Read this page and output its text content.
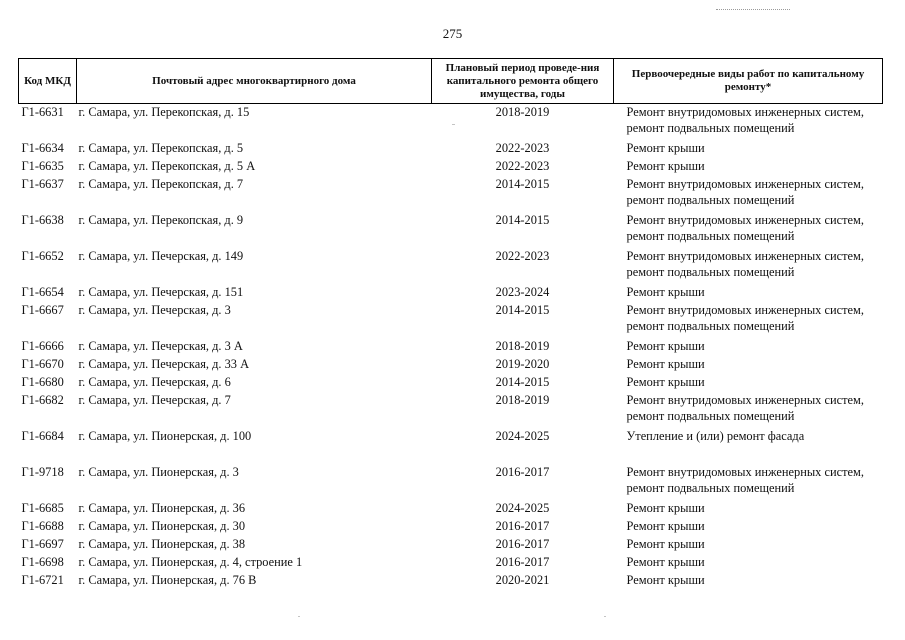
275
Код МКД	Почтовый адрес многоквартирного дома	Плановый период проведе-ния капитального ремонта общего имущества, годы	Первоочередные виды работ по капитальному ремонту*
Г1-6631	г. Самара, ул. Перекопская, д. 15	2018-2019	Ремонт внутридомовых инженерных систем, ремонт подвальных помещений
Г1-6634	г. Самара, ул. Перекопская, д. 5	2022-2023	Ремонт крыши
Г1-6635	г. Самара, ул. Перекопская, д. 5 А	2022-2023	Ремонт крыши
Г1-6637	г. Самара, ул. Перекопская, д. 7	2014-2015	Ремонт внутридомовых инженерных систем, ремонт подвальных помещений
Г1-6638	г. Самара, ул. Перекопская, д. 9	2014-2015	Ремонт внутридомовых инженерных систем, ремонт подвальных помещений
Г1-6652	г. Самара, ул. Печерская, д. 149	2022-2023	Ремонт внутридомовых инженерных систем, ремонт подвальных помещений
Г1-6654	г. Самара, ул. Печерская, д. 151	2023-2024	Ремонт крыши
Г1-6667	г. Самара, ул. Печерская, д. 3	2014-2015	Ремонт внутридомовых инженерных систем, ремонт подвальных помещений
Г1-6666	г. Самара, ул. Печерская, д. 3 А	2018-2019	Ремонт крыши
Г1-6670	г. Самара, ул. Печерская, д. 33 А	2019-2020	Ремонт крыши
Г1-6680	г. Самара, ул. Печерская, д. 6	2014-2015	Ремонт крыши
Г1-6682	г. Самара, ул. Печерская, д. 7	2018-2019	Ремонт внутридомовых инженерных систем, ремонт подвальных помещений
Г1-6684	г. Самара, ул. Пионерская, д. 100	2024-2025	Утепление и (или) ремонт фасада
Г1-9718	г. Самара, ул. Пионерская, д. 3	2016-2017	Ремонт внутридомовых инженерных систем, ремонт подвальных помещений
Г1-6685	г. Самара, ул. Пионерская, д. 36	2024-2025	Ремонт крыши
Г1-6688	г. Самара, ул. Пионерская, д. 30	2016-2017	Ремонт крыши
Г1-6697	г. Самара, ул. Пионерская, д. 38	2016-2017	Ремонт крыши
Г1-6698	г. Самара, ул. Пионерская, д. 4, строение 1	2016-2017	Ремонт крыши
Г1-6721	г. Самара, ул. Пионерская, д. 76 В	2020-2021	Ремонт крыши
